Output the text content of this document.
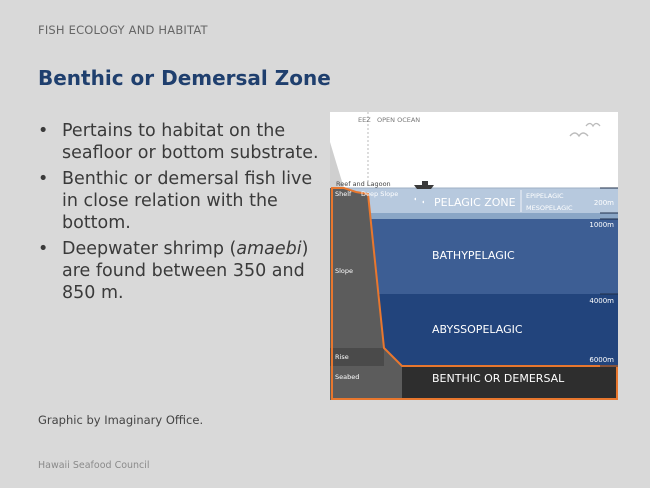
FISH ECOLOGY AND HABITAT
Benthic or Demersal Zone
• Pertains to habitat on the seafloor or bottom substrate.
• Benthic or demersal fish live in close relation with the bottom.
• Deepwater shrimp (amaebi) are found between 350 and 850 m.
Graphic by Imaginary Office.
Hawaii Seafood Council
EEZ OPEN OCEAN
Reef and Lagoon
Shelf Deep Slope
Slope
Rise
Seabed
PELAGIC ZONE EPIPELAGIC
MESOPELAGIC
BATHYPELAGIC
ABYSSOPELAGIC
BENTHIC OR DEMERSAL
200m
1000m
4000m
6000m
